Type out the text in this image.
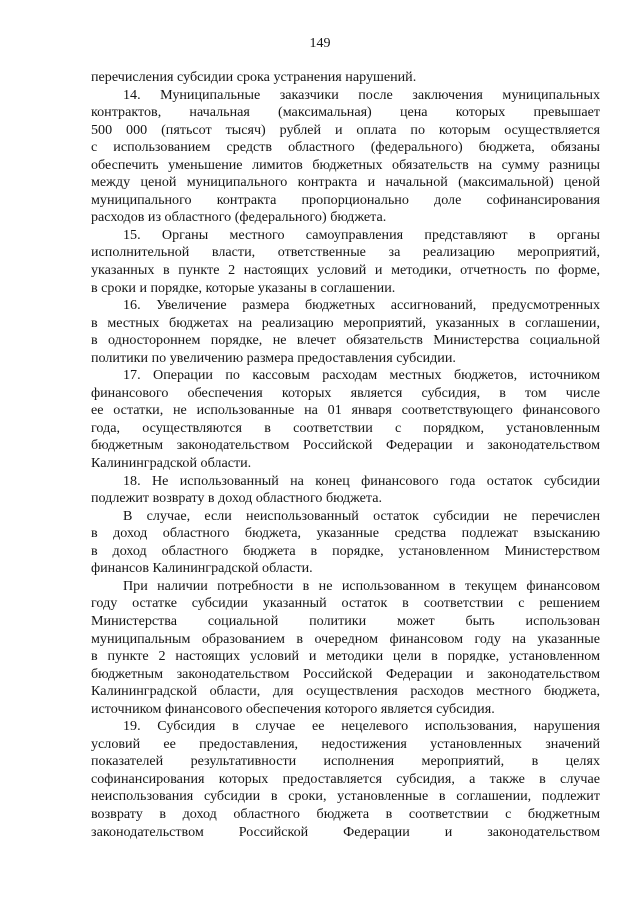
149
перечисления субсидии срока устранения нарушений.
14. Муниципальные заказчики после заключения муниципальных
контрактов, начальная (максимальная) цена которых превышает
500 000 (пятьсот тысяч) рублей и оплата по которым осуществляется
с использованием средств областного (федерального) бюджета, обязаны
обеспечить уменьшение лимитов бюджетных обязательств на сумму разницы
между ценой муниципального контракта и начальной (максимальной) ценой
муниципального контракта пропорционально доле софинансирования
расходов из областного (федерального) бюджета.
15. Органы местного самоуправления представляют в органы
исполнительной власти, ответственные за реализацию мероприятий,
указанных в пункте 2 настоящих условий и методики, отчетность по форме,
в сроки и порядке, которые указаны в соглашении.
16. Увеличение размера бюджетных ассигнований, предусмотренных
в местных бюджетах на реализацию мероприятий, указанных в соглашении,
в одностороннем порядке, не влечет обязательств Министерства социальной
политики по увеличению размера предоставления субсидии.
17. Операции по кассовым расходам местных бюджетов, источником
финансового обеспечения которых является субсидия, в том числе
ее остатки, не использованные на 01 января соответствующего финансового
года, осуществляются в соответствии с порядком, установленным
бюджетным законодательством Российской Федерации и законодательством
Калининградской области.
18. Не использованный на конец финансового года остаток субсидии
подлежит возврату в доход областного бюджета.
В случае, если неиспользованный остаток субсидии не перечислен
в доход областного бюджета, указанные средства подлежат взысканию
в доход областного бюджета в порядке, установленном Министерством
финансов Калининградской области.
При наличии потребности в не использованном в текущем финансовом
году остатке субсидии указанный остаток в соответствии с решением
Министерства социальной политики может быть использован
муниципальным образованием в очередном финансовом году на указанные
в пункте 2 настоящих условий и методики цели в порядке, установленном
бюджетным законодательством Российской Федерации и законодательством
Калининградской области, для осуществления расходов местного бюджета,
источником финансового обеспечения которого является субсидия.
19. Субсидия в случае ее нецелевого использования, нарушения
условий ее предоставления, недостижения установленных значений
показателей результативности исполнения мероприятий, в целях
софинансирования которых предоставляется субсидия, а также в случае
неиспользования субсидии в сроки, установленные в соглашении, подлежит
возврату в доход областного бюджета в соответствии с бюджетным
законодательством Российской Федерации и законодательством
